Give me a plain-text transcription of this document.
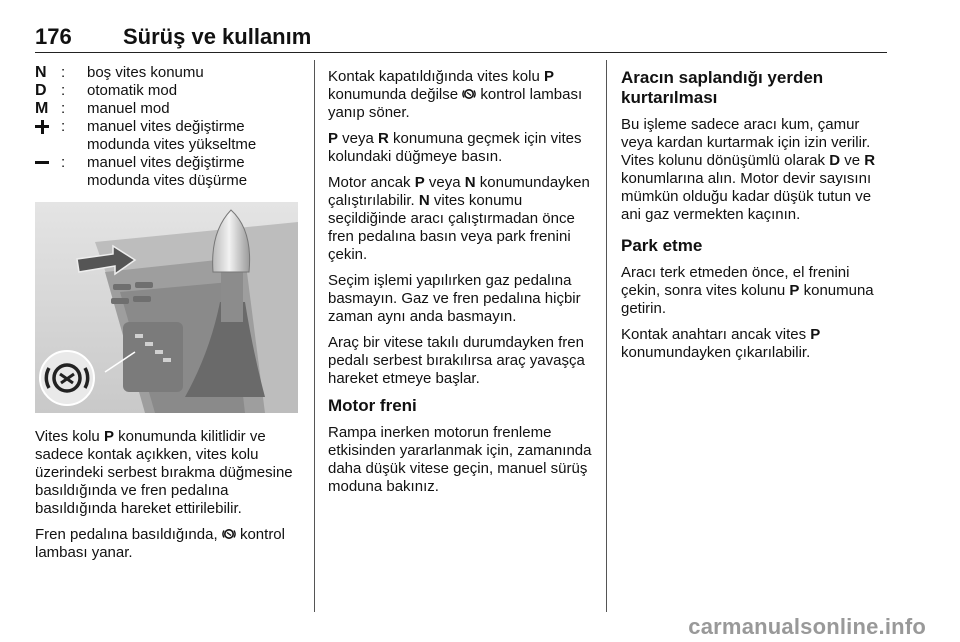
176 Sürüş ve kullanım
N : boş vites konumu
D : otomatik mod
M : manuel mod
: manuel vites değiştirme modunda vites yükseltme
: manuel vites değiştirme modunda vites düşürme

Vites kolu P konumunda kilitlidir ve sadece kontak açıkken, vites kolu üzerindeki serbest bırakma düğmesine basıldığında ve fren pedalına basıldığında hareket ettirilebilir.

Fren pedalına basıldığında,  kontrol lambası yanar.

Kontak kapatıldığında vites kolu P konumunda değilse  kontrol lambası yanıp söner.

P veya R konumuna geçmek için vites kolundaki düğmeye basın.

Motor ancak P veya N konumundayken çalıştırılabilir. N vites konumu seçildiğinde aracı çalıştırmadan önce fren pedalına basın veya park frenini çekin.

Seçim işlemi yapılırken gaz pedalına basmayın. Gaz ve fren pedalına hiçbir zaman aynı anda basmayın.

Araç bir vitese takılı durumdayken fren pedalı serbest bırakılırsa araç yavaşça hareket etmeye başlar.

Motor freni

Rampa inerken motorun frenleme etkisinden yararlanmak için, zamanında daha düşük vitese geçin, manuel sürüş moduna bakınız.

Aracın saplandığı yerden kurtarılması

Bu işleme sadece aracı kum, çamur veya kardan kurtarmak için izin verilir. Vites kolunu dönüşümlü olarak D ve R konumlarına alın. Motor devir sayısını mümkün olduğu kadar düşük tutun ve ani gaz vermekten kaçının.

Park etme

Aracı terk etmeden önce, el frenini çekin, sonra vites kolunu P konumuna getirin.

Kontak anahtarı ancak vites P konumundayken çıkarılabilir.

carmanualsonline.info
